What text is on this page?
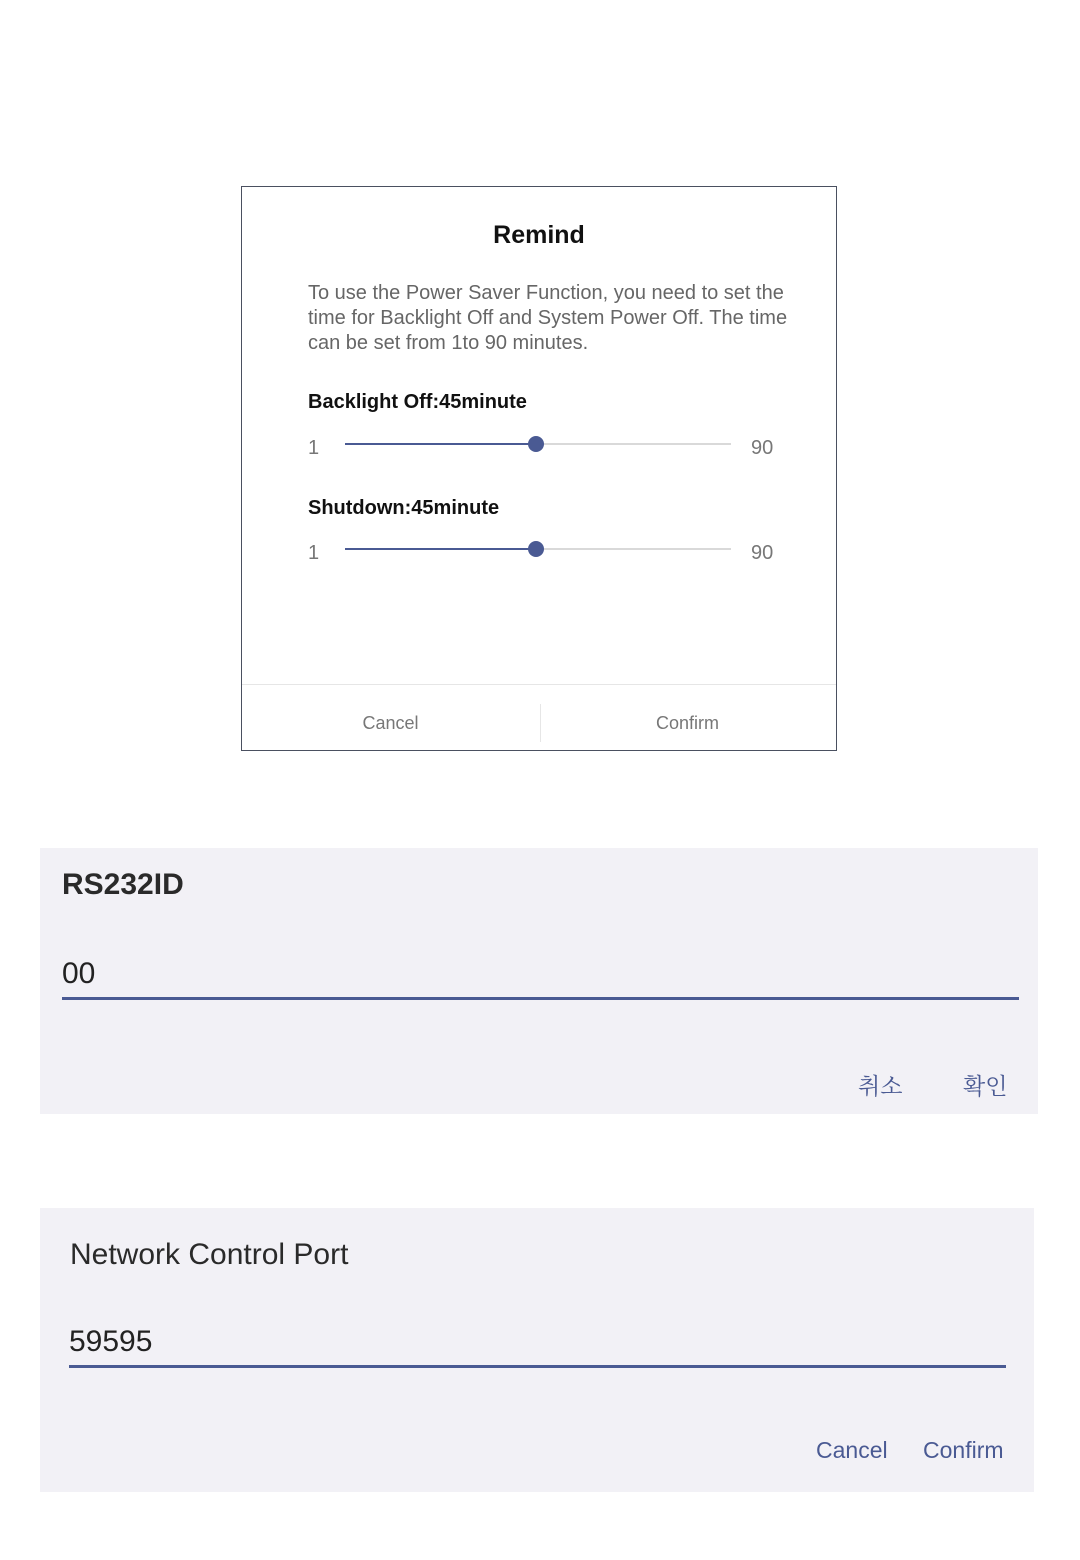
Remind
To use the Power Saver Function, you need to set the time for Backlight Off and System Power Off. The time can be set from 1to 90 minutes.
Backlight Off:45minute
1	90
Shutdown:45minute
1	90
Cancel	Confirm
RS232ID
00
취소	확인
Network Control Port
59595
Cancel Confirm
